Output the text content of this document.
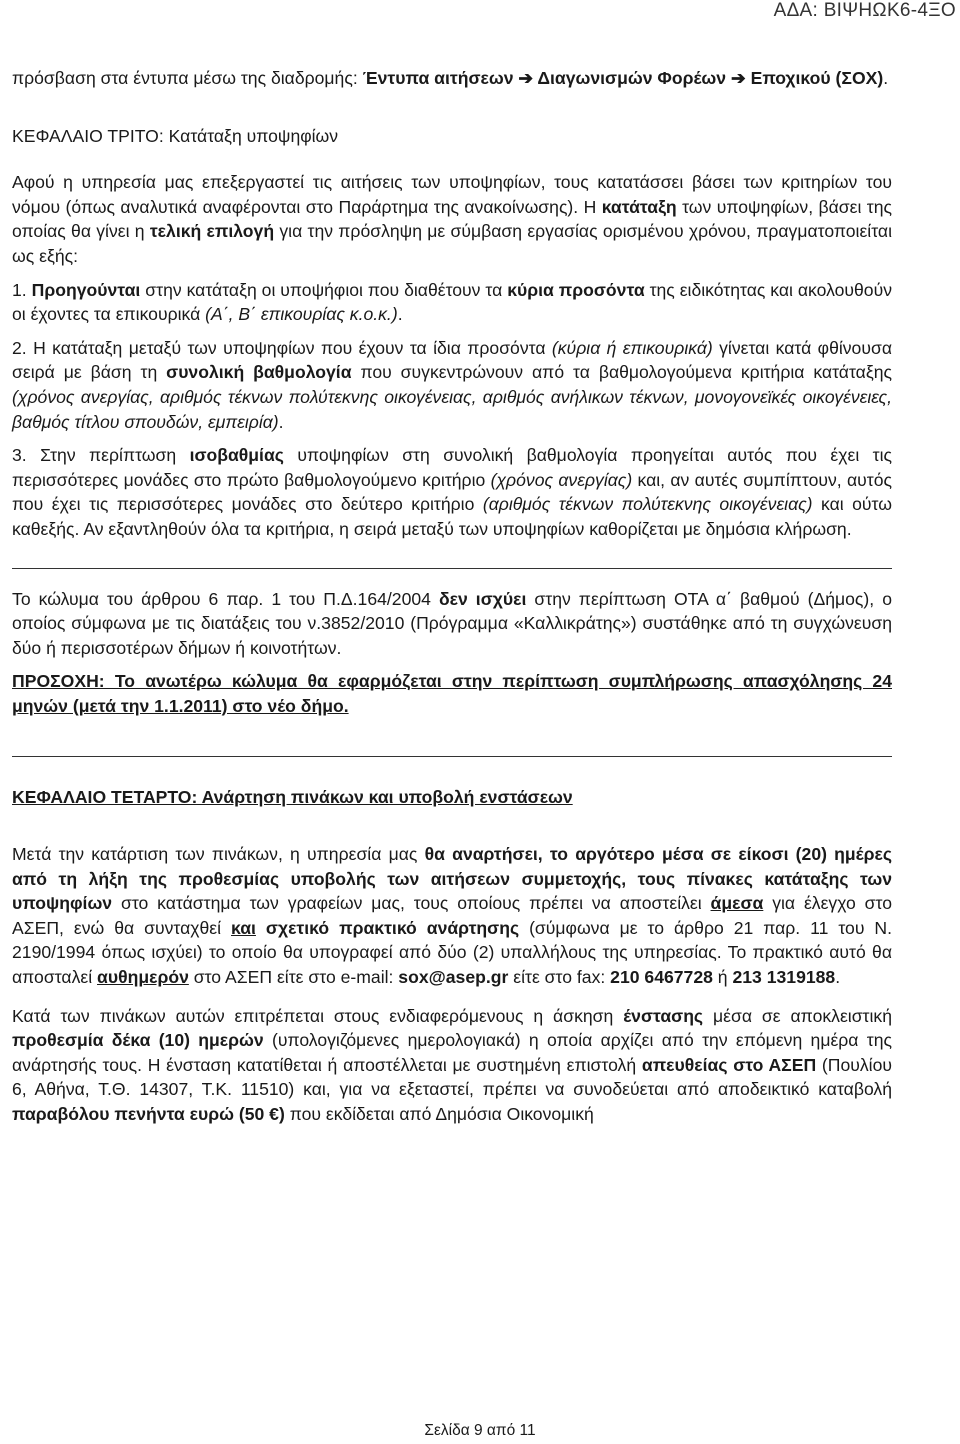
ΑΔΑ: ΒΙΨΗΩΚ6-4ΞΟ

πρόσβαση στα έντυπα μέσω της διαδρομής: Έντυπα αιτήσεων ➔ Διαγωνισμών Φορέων ➔ Εποχικού (ΣΟΧ).

ΚΕΦΑΛΑΙΟ ΤΡΙΤΟ: Κατάταξη υποψηφίων

Αφού η υπηρεσία μας επεξεργαστεί τις αιτήσεις των υποψηφίων, τους κατατάσσει βάσει των κριτηρίων του νόμου (όπως αναλυτικά αναφέρονται στο Παράρτημα της ανακοίνωσης). Η κατάταξη των υποψηφίων, βάσει της οποίας θα γίνει η τελική επιλογή για την πρόσληψη με σύμβαση εργασίας ορισμένου χρόνου, πραγματοποιείται ως εξής:

1. Προηγούνται στην κατάταξη οι υποψήφιοι που διαθέτουν τα κύρια προσόντα της ειδικότητας και ακολουθούν οι έχοντες τα επικουρικά (Α΄, Β΄ επικουρίας κ.ο.κ.).

2. Η κατάταξη μεταξύ των υποψηφίων που έχουν τα ίδια προσόντα (κύρια ή επικουρικά) γίνεται κατά φθίνουσα σειρά με βάση τη συνολική βαθμολογία που συγκεντρώνουν από τα βαθμολογούμενα κριτήρια κατάταξης (χρόνος ανεργίας, αριθμός τέκνων πολύτεκνης οικογένειας, αριθμός ανήλικων τέκνων, μονογονεϊκές οικογένειες, βαθμός τίτλου σπουδών, εμπειρία).

3. Στην περίπτωση ισοβαθμίας υποψηφίων στη συνολική βαθμολογία προηγείται αυτός που έχει τις περισσότερες μονάδες στο πρώτο βαθμολογούμενο κριτήριο (χρόνος ανεργίας) και, αν αυτές συμπίπτουν, αυτός που έχει τις περισσότερες μονάδες στο δεύτερο κριτήριο (αριθμός τέκνων πολύτεκνης οικογένειας) και ούτω καθεξής. Αν εξαντληθούν όλα τα κριτήρια, η σειρά μεταξύ των υποψηφίων καθορίζεται με δημόσια κλήρωση.

Το κώλυμα του άρθρου 6 παρ. 1 του Π.Δ.164/2004 δεν ισχύει στην περίπτωση ΟΤΑ α΄ βαθμού (Δήμος), ο οποίος σύμφωνα με τις διατάξεις του ν.3852/2010 (Πρόγραμμα «Καλλικράτης») συστάθηκε από τη συγχώνευση δύο ή περισσοτέρων δήμων ή κοινοτήτων.

ΠΡΟΣΟΧΗ: Το ανωτέρω κώλυμα θα εφαρμόζεται στην περίπτωση συμπλήρωσης απασχόλησης 24 μηνών (μετά την 1.1.2011) στο νέο δήμο.

ΚΕΦΑΛΑΙΟ ΤΕΤΑΡΤΟ: Ανάρτηση πινάκων και υποβολή ενστάσεων

Μετά την κατάρτιση των πινάκων, η υπηρεσία μας θα αναρτήσει, το αργότερο μέσα σε είκοσι (20) ημέρες από τη λήξη της προθεσμίας υποβολής των αιτήσεων συμμετοχής, τους πίνακες κατάταξης των υποψηφίων στο κατάστημα των γραφείων μας, τους οποίους πρέπει να αποστείλει άμεσα για έλεγχο στο ΑΣΕΠ, ενώ θα συνταχθεί και σχετικό πρακτικό ανάρτησης (σύμφωνα με το άρθρο 21 παρ. 11 του Ν. 2190/1994 όπως ισχύει) το οποίο θα υπογραφεί από δύο (2) υπαλλήλους της υπηρεσίας. Το πρακτικό αυτό θα αποσταλεί αυθημερόν στο ΑΣΕΠ είτε στο e-mail: sox@asep.gr είτε στο fax: 210 6467728 ή 213 1319188.

Κατά των πινάκων αυτών επιτρέπεται στους ενδιαφερόμενους η άσκηση ένστασης μέσα σε αποκλειστική προθεσμία δέκα (10) ημερών (υπολογιζόμενες ημερολογιακά) η οποία αρχίζει από την επόμενη ημέρα της ανάρτησής τους. Η ένσταση κατατίθεται ή αποστέλλεται με συστημένη επιστολή απευθείας στο ΑΣΕΠ (Πουλίου 6, Αθήνα, Τ.Θ. 14307, Τ.Κ. 11510) και, για να εξεταστεί, πρέπει να συνοδεύεται από αποδεικτικό καταβολή παραβόλου πενήντα ευρώ (50 €) που εκδίδεται από Δημόσια Οικονομική

Σελίδα 9 από 11
